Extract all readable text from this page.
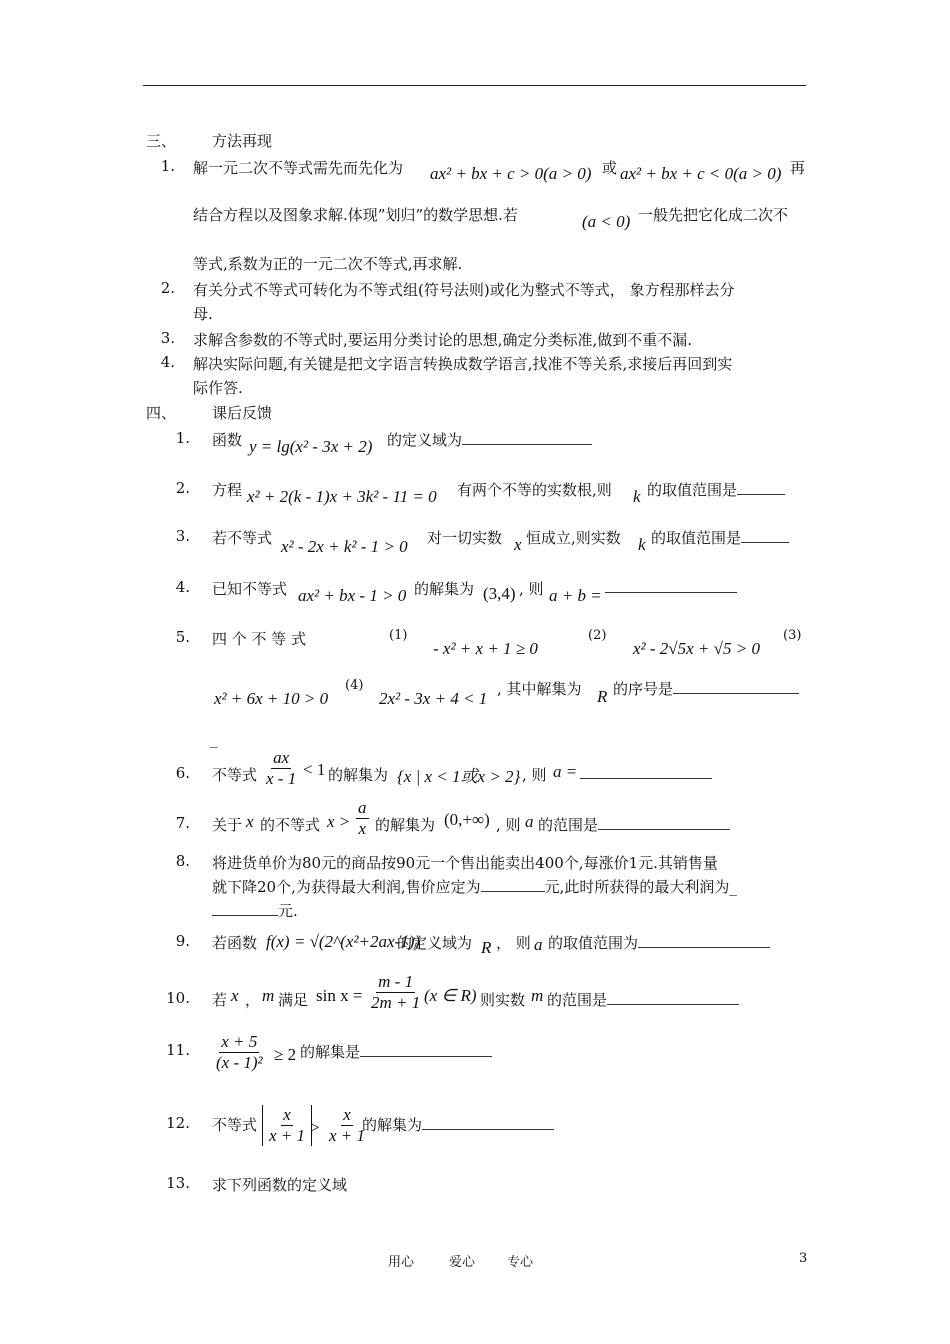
三、 方法再现
1. 解一元二次不等式需先而先化为 ax² + bx + c > 0(a > 0) 或 ax² + bx + c < 0(a > 0) 再
结合方程以及图象求解.体现”划归”的数学思想.若	(a < 0) 一般先把它化成二次不
等式,系数为正的一元二次不等式,再求解.
2. 有关分式不等式可转化为不等式组(符号法则)或化为整式不等式， 象方程那样去分
母.
3. 求解含参数的不等式时,要运用分类讨论的思想,确定分类标准,做到不重不漏.
4. 解决实际问题,有关键是把文字语言转换成数学语言,找准不等关系,求接后再回到实
际作答.
四、 课后反馈
1. 函数 y = lg(x² - 3x + 2) 的定义域为
2. 方程 x² + 2(k - 1)x + 3k² - 11 = 0 有两个不等的实数根,则 k 的取值范围是
3. 若不等式 x² - 2x + k² - 1 > 0 对一切实数 x 恒成立,则实数 k 的取值范围是
4. 已知不等式 ax² + bx - 1 > 0 的解集为 (3,4) , 则 a + b =
5. 四 个 不 等 式	(1)
- x² + x + 1 ≥ 0
(2)
x² - 2√5x + √5 > 0
(3)
x² + 6x + 10 > 0
(4)
2x² - 3x + 4 < 1 , 其中解集为 R 的序号是
_
6. 不等式 $\frac{ax}{x - 1} < 1$ 的解集为 {x | x < 1或x > 2} , 则 a =
7. 关于 x 的不等式 $x > \frac{a}{x}$ 的解集为 (0,+∞) , 则 a 的范围是
8. 将进货单价为80元的商品按90元一个售出能卖出400个,每涨价1元.其销售量
就下降20个,为获得最大利润,售价应定为	元,此时所获得的最大利润为_
元.
9. 若函数 f(x) = √(2^(x²+2ax-1))
的定义域为 R ， 则 a 的取值范围为
10. 若 x ， m 满足 $\sin x = \frac{m - 1}{2m + 1} (x$ ∈ R) 则实数 m 的范围是
11. $\frac{x + 5}{\text{(x - 1)²}} \ge 2$ 的解集是
12. 不等式 $\frac{x}{x + 1} > \frac{x}{x + 1}$
的解集为
13. 求下列函数的定义域
用心	爱心 专心	3
